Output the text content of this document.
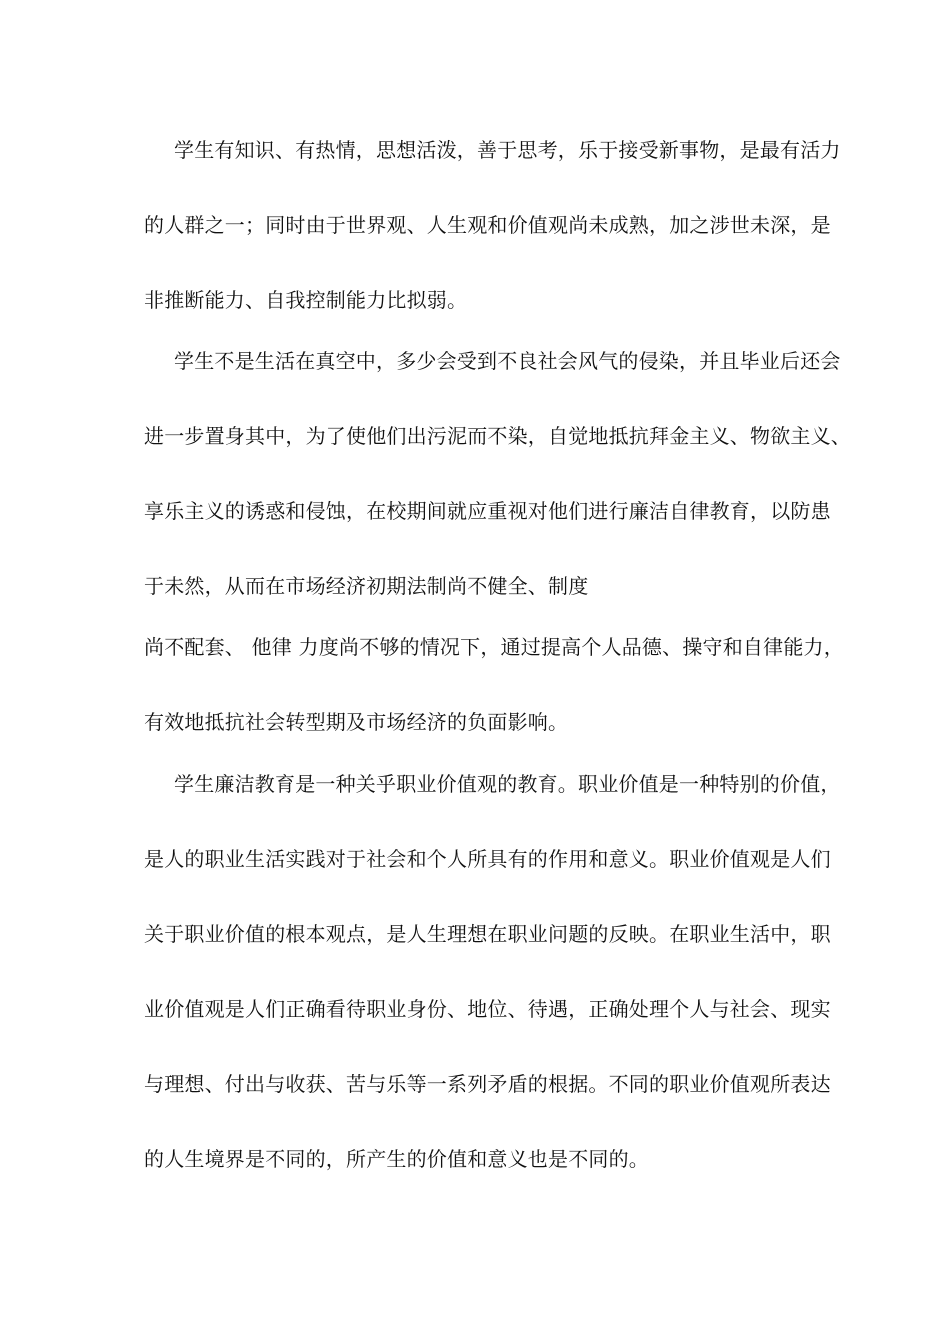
学生有知识、有热情，思想活泼，善于思考，乐于接受新事物，是最有活力
的人群之一；同时由于世界观、人生观和价值观尚未成熟，加之涉世未深，是
非推断能力、自我控制能力比拟弱。
学生不是生活在真空中，多少会受到不良社会风气的侵染，并且毕业后还会
进一步置身其中，为了使他们出污泥而不染，自觉地抵抗拜金主义、物欲主义、
享乐主义的诱惑和侵蚀，在校期间就应重视对他们进行廉洁自律教育，以防患
于未然，从而在市场经济初期法制尚不健全、制度
尚不配套、 他律 力度尚不够的情况下，通过提高个人品德、操守和自律能力，
有效地抵抗社会转型期及市场经济的负面影响。
学生廉洁教育是一种关乎职业价值观的教育。职业价值是一种特别的价值，
是人的职业生活实践对于社会和个人所具有的作用和意义。职业价值观是人们
关于职业价值的根本观点，是人生理想在职业问题的反映。在职业生活中，职
业价值观是人们正确看待职业身份、地位、待遇，正确处理个人与社会、现实
与理想、付出与收获、苦与乐等一系列矛盾的根据。不同的职业价值观所表达
的人生境界是不同的，所产生的价值和意义也是不同的。
